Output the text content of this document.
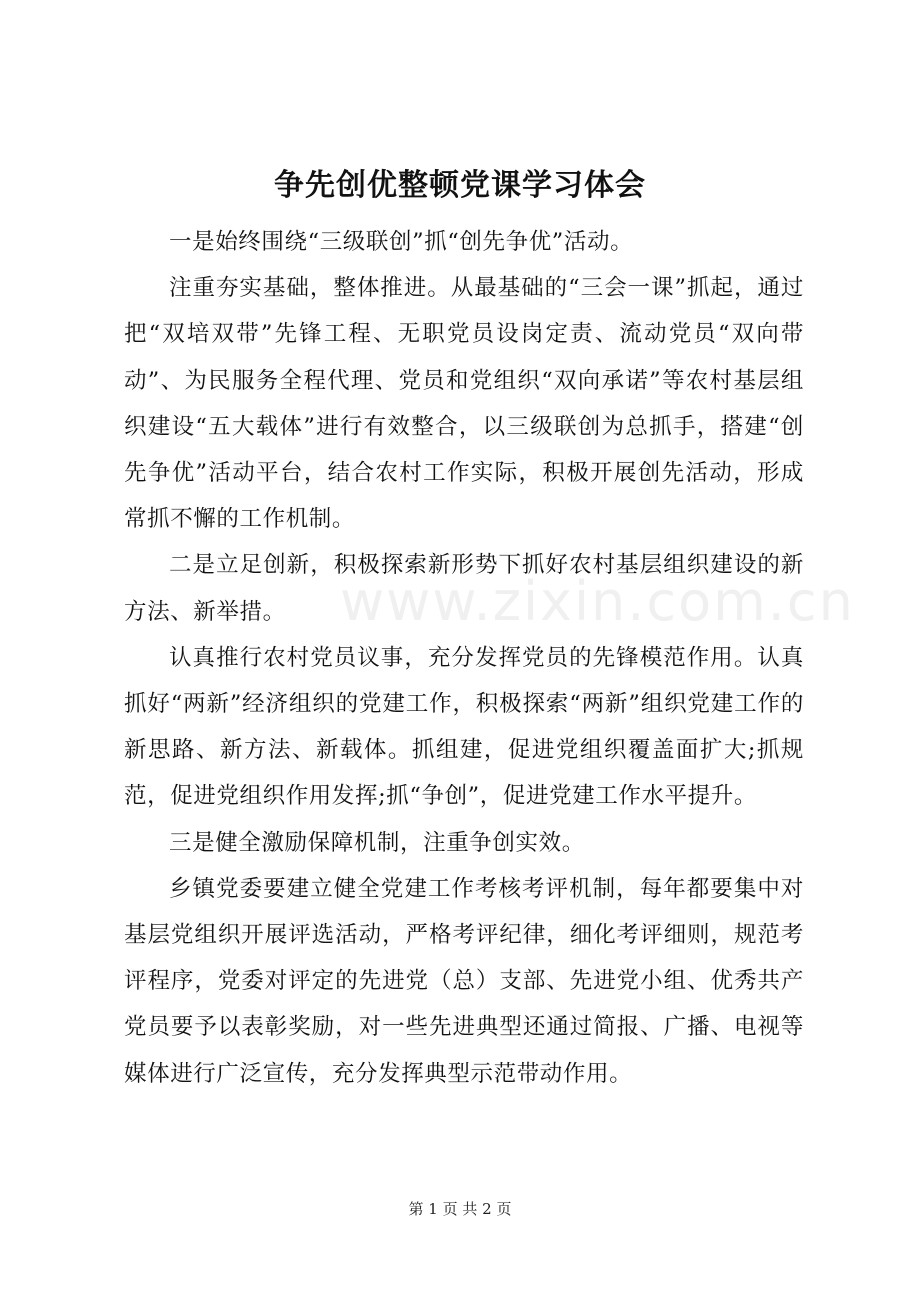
www.zixin.com.cn
争先创优整顿党课学习体会

一是始终围绕“三级联创”抓“创先争优”活动。

注重夯实基础，整体推进。从最基础的“三会一课”抓起，通过把“双培双带”先锋工程、无职党员设岗定责、流动党员“双向带动”、为民服务全程代理、党员和党组织“双向承诺”等农村基层组织建设“五大载体”进行有效整合，以三级联创为总抓手，搭建“创先争优”活动平台，结合农村工作实际，积极开展创先活动，形成常抓不懈的工作机制。

二是立足创新，积极探索新形势下抓好农村基层组织建设的新方法、新举措。

认真推行农村党员议事，充分发挥党员的先锋模范作用。认真抓好“两新”经济组织的党建工作，积极探索“两新”组织党建工作的新思路、新方法、新载体。抓组建，促进党组织覆盖面扩大;抓规范，促进党组织作用发挥;抓“争创”，促进党建工作水平提升。

三是健全激励保障机制，注重争创实效。

乡镇党委要建立健全党建工作考核考评机制，每年都要集中对基层党组织开展评选活动，严格考评纪律，细化考评细则，规范考评程序，党委对评定的先进党（总）支部、先进党小组、优秀共产党员要予以表彰奖励，对一些先进典型还通过简报、广播、电视等媒体进行广泛宣传，充分发挥典型示范带动作用。

第 1 页 共 2 页
